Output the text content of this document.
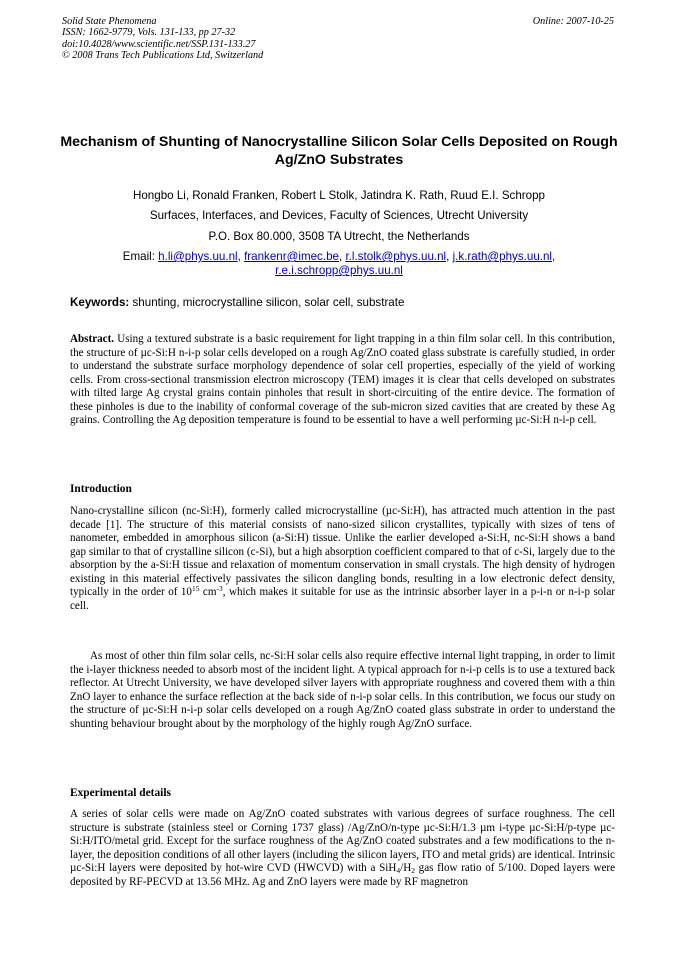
Solid State Phenomena
ISSN: 1662-9779, Vols. 131-133, pp 27-32
doi:10.4028/www.scientific.net/SSP.131-133.27
© 2008 Trans Tech Publications Ltd, Switzerland
Online: 2007-10-25
Mechanism of Shunting of Nanocrystalline Silicon Solar Cells Deposited on Rough Ag/ZnO Substrates
Hongbo Li, Ronald Franken, Robert L Stolk, Jatindra K. Rath, Ruud E.I. Schropp
Surfaces, Interfaces, and Devices, Faculty of Sciences, Utrecht University
P.O. Box 80.000, 3508 TA Utrecht, the Netherlands
Email: h.li@phys.uu.nl, frankenr@imec.be, r.l.stolk@phys.uu.nl, j.k.rath@phys.uu.nl,
r.e.i.schropp@phys.uu.nl
Keywords: shunting, microcrystalline silicon, solar cell, substrate

Abstract. Using a textured substrate is a basic requirement for light trapping in a thin film solar cell. In this contribution, the structure of µc-Si:H n-i-p solar cells developed on a rough Ag/ZnO coated glass substrate is carefully studied, in order to understand the substrate surface morphology dependence of solar cell properties, especially of the yield of working cells. From cross-sectional transmission electron microscopy (TEM) images it is clear that cells developed on substrates with tilted large Ag crystal grains contain pinholes that result in short-circuiting of the entire device. The formation of these pinholes is due to the inability of conformal coverage of the sub-micron sized cavities that are created by these Ag grains. Controlling the Ag deposition temperature is found to be essential to have a well performing µc-Si:H n-i-p cell.

Introduction

Nano-crystalline silicon (nc-Si:H), formerly called microcrystalline (µc-Si:H), has attracted much attention in the past decade [1]. The structure of this material consists of nano-sized silicon crystallites, typically with sizes of tens of nanometer, embedded in amorphous silicon (a-Si:H) tissue. Unlike the earlier developed a-Si:H, nc-Si:H shows a band gap similar to that of crystalline silicon (c-Si), but a high absorption coefficient compared to that of c-Si, largely due to the absorption by the a-Si:H tissue and relaxation of momentum conservation in small crystals. The high density of hydrogen existing in this material effectively passivates the silicon dangling bonds, resulting in a low electronic defect density, typically in the order of $10^{15}$ $cm^{-3}$, which makes it suitable for use as the intrinsic absorber layer in a p-i-n or n-i-p solar cell.

As most of other thin film solar cells, nc-Si:H solar cells also require effective internal light trapping, in order to limit the i-layer thickness needed to absorb most of the incident light. A typical approach for n-i-p cells is to use a textured back reflector. At Utrecht University, we have developed silver layers with appropriate roughness and covered them with a thin ZnO layer to enhance the surface reflection at the back side of n-i-p solar cells. In this contribution, we focus our study on the structure of µc-Si:H n-i-p solar cells developed on a rough Ag/ZnO coated glass substrate in order to understand the shunting behaviour brought about by the morphology of the highly rough Ag/ZnO surface.

Experimental details

A series of solar cells were made on Ag/ZnO coated substrates with various degrees of surface roughness. The cell structure is substrate (stainless steel or Corning 1737 glass) /Ag/ZnO/n-type µc-Si:H/1.3 µm i-type µc-Si:H/p-type µc-Si:H/ITO/metal grid. Except for the surface roughness of the Ag/ZnO coated substrates and a few modifications to the n-layer, the deposition conditions of all other layers (including the silicon layers, ITO and metal grids) are identical. Intrinsic µc-Si:H layers were deposited by hot-wire CVD (HWCVD) with a $SiH_4/H_2$ gas flow ratio of 5/100. Doped layers were deposited by RF-PECVD at 13.56 MHz. Ag and ZnO layers were made by RF magnetron
